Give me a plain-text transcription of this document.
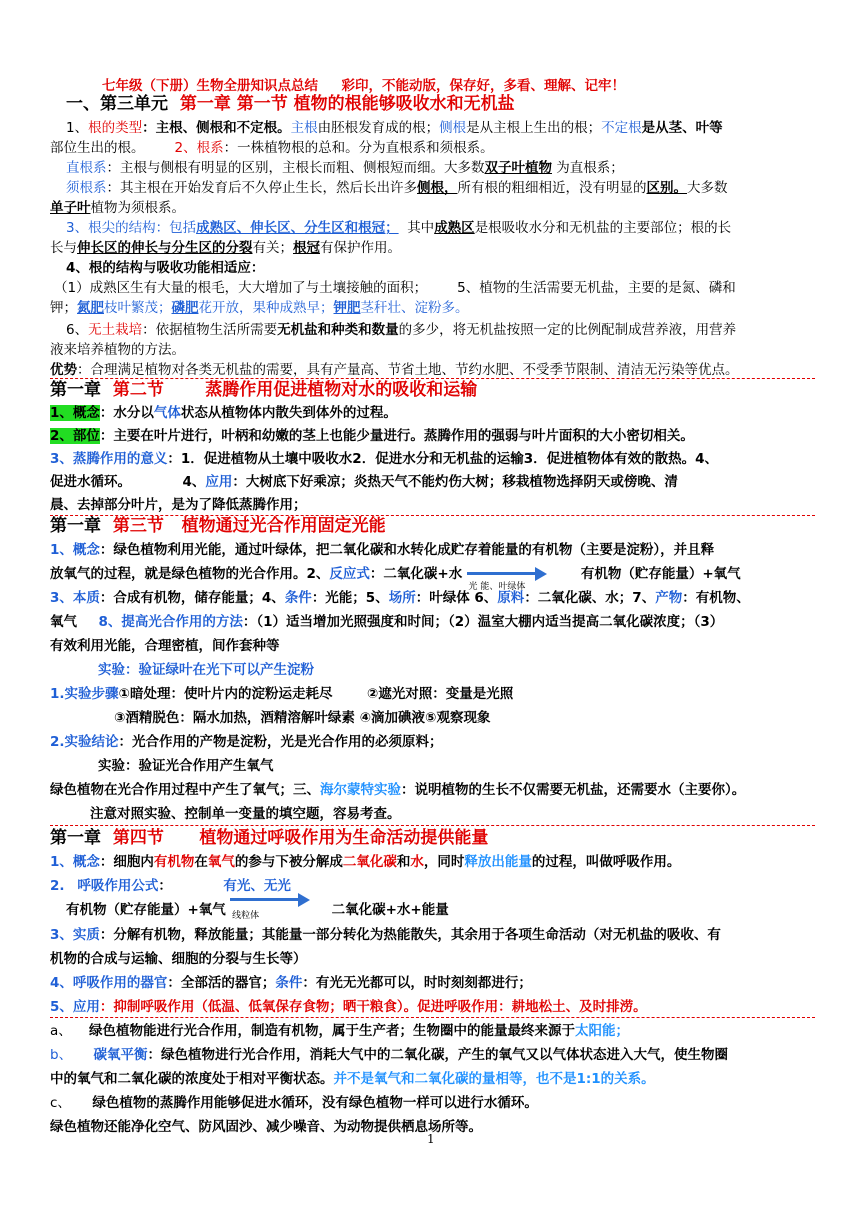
七年级（下册）生物全册知识点总结 彩印，不能动版，保存好，多看、理解、记牢！
一、第三单元 第一章 第一节 植物的根能够吸收水和无机盐
1、根的类型：主根、侧根和不定根。主根由胚根发育成的根；侧根是从主根上生出的根；不定根是从茎、叶等
部位生出的根。 2、根系：一株植物根的总和。分为直根系和须根系。
直根系：主根与侧根有明显的区别，主根长而粗、侧根短而细。大多数双子叶植物 为直根系；
须根系：其主根在开始发育后不久停止生长，然后长出许多侧根，所有根的粗细相近，没有明显的区别。大多数
单子叶植物为须根系。
3、根尖的结构：包括成熟区、伸长区、分生区和根冠； 其中成熟区是根吸收水分和无机盐的主要部位；根的长
长与伸长区的伸长与分生区的分裂有关；根冠有保护作用。
4、根的结构与吸收功能相适应：
（1）成熟区生有大量的根毛，大大增加了与土壤接触的面积； 5、植物的生活需要无机盐，主要的是氮、磷和
钾；氮肥枝叶繁茂；磷肥花开放，果种成熟早；钾肥茎秆壮、淀粉多。
6、无土栽培：依据植物生活所需要无机盐和种类和数量的多少，将无机盐按照一定的比例配制成营养液，用营养
液来培养植物的方法。
优势：合理满足植物对各类无机盐的需要，具有产量高、节省土地、节约水肥、不受季节限制、清洁无污染等优点。
第一章 第二节 蒸腾作用促进植物对水的吸收和运输
1、概念：水分以气体状态从植物体内散失到体外的过程。
2、部位：主要在叶片进行，叶柄和幼嫩的茎上也能少量进行。蒸腾作用的强弱与叶片面积的大小密切相关。
3、蒸腾作用的意义：1．促进植物从土壤中吸收水2．促进水分和无机盐的运输3．促进植物体有效的散热。4、
促进水循环。	4、应用：大树底下好乘凉；炎热天气不能灼伤大树；移栽植物选择阴天或傍晚、清
晨、去掉部分叶片，是为了降低蒸腾作用；
第一章 第三节 植物通过光合作用固定光能
1、概念：绿色植物利用光能，通过叶绿体，把二氧化碳和水转化成贮存着能量的有机物（主要是淀粉），并且释
放氧气的过程，就是绿色植物的光合作用。2、反应式：二氧化碳+水
光 能、叶绿体
有机物（贮存能量）+氧气
3、本质：合成有机物，储存能量；4、条件：光能；5、场所：叶绿体 6、原料：二氧化碳、水；7、产物：有机物、
氧气 8、提高光合作用的方法：（1）适当增加光照强度和时间；（2）温室大棚内适当提高二氧化碳浓度；（3）
有效利用光能，合理密植，间作套种等
实验：验证绿叶在光下可以产生淀粉
1.实验步骤①暗处理：使叶片内的淀粉运走耗尽	②遮光对照：变量是光照
③酒精脱色：隔水加热，酒精溶解叶绿素 ④滴加碘液⑤观察现象
2.实验结论：光合作用的产物是淀粉，光是光合作用的必须原料；
实验：验证光合作用产生氧气
绿色植物在光合作用过程中产生了氧气；三、海尔蒙特实验：说明植物的生长不仅需要无机盐，还需要水（主要你）。
注意对照实验、控制单一变量的填空题，容易考查。
第一章 第四节 植物通过呼吸作用为生命活动提供能量
1、概念：细胞内有机物在氧气的参与下被分解成二氧化碳和水，同时释放出能量的过程，叫做呼吸作用。
2. 呼吸作用公式：	有光、无光
有机物（贮存能量）+氧气 线粒体	二氧化碳+水+能量
3、实质：分解有机物，释放能量；其能量一部分转化为热能散失，其余用于各项生命活动（对无机盐的吸收、有
机物的合成与运输、细胞的分裂与生长等）
4、呼吸作用的器官：全部活的器官；条件：有光无光都可以，时时刻刻都进行；
5、应用：抑制呼吸作用（低温、低氧保存食物；晒干粮食）。促进呼吸作用：耕地松土、及时排涝。
a、 绿色植物能进行光合作用，制造有机物，属于生产者；生物圈中的能量最终来源于太阳能；
b、 碳氧平衡：绿色植物进行光合作用，消耗大气中的二氧化碳，产生的氧气又以气体状态进入大气，使生物圈
中的氧气和二氧化碳的浓度处于相对平衡状态。并不是氧气和二氧化碳的量相等，也不是1:1的关系。
c、 绿色植物的蒸腾作用能够促进水循环，没有绿色植物一样可以进行水循环。
绿色植物还能净化空气、防风固沙、减少噪音、为动物提供栖息场所等。
1
